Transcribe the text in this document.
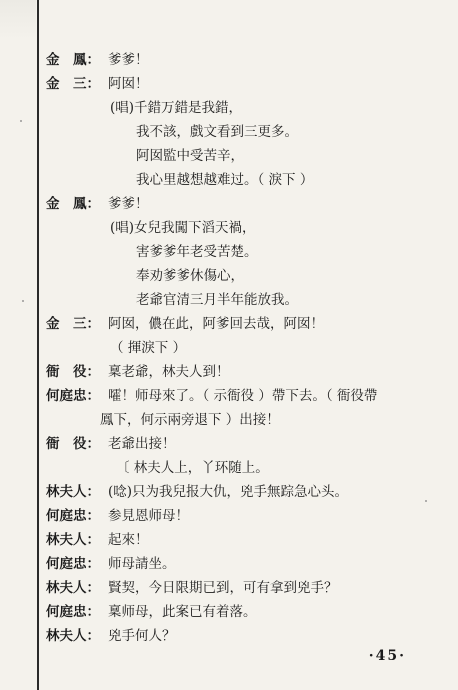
金　鳳： 爹爹！
金　三： 阿囡！
(唱)千錯万錯是我錯，
我不該，戲文看到三更多。
阿囡監中受苦辛，
我心里越想越难过。（ 淚下 ）
金　鳳： 爹爹！
(唱)女兒我闖下滔天禍，
害爹爹年老受苦楚。
奉劝爹爹休傷心，
老爺官清三月半年能放我。
金　三： 阿囡，儂在此，阿爹回去哉，阿囡！
（ 揮淚下 ）
衙　役： 稟老爺，林夫人到！
何庭忠： 嚯！师母來了。（ 示衙役 ）帶下去。（ 衙役帶
鳳下，何示兩旁退下 ）出接！
衙　役： 老爺出接！
〔 林夫人上，丫环随上。
林夫人： (唸)只为我兒报大仇，兇手無踪急心头。
何庭忠： 参見恩师母！
林夫人： 起來！
何庭忠： 师母請坐。
林夫人： 賢契，今日限期已到，可有拿到兇手？
何庭忠： 稟师母，此案已有着落。
林夫人： 兇手何人？
·45·
